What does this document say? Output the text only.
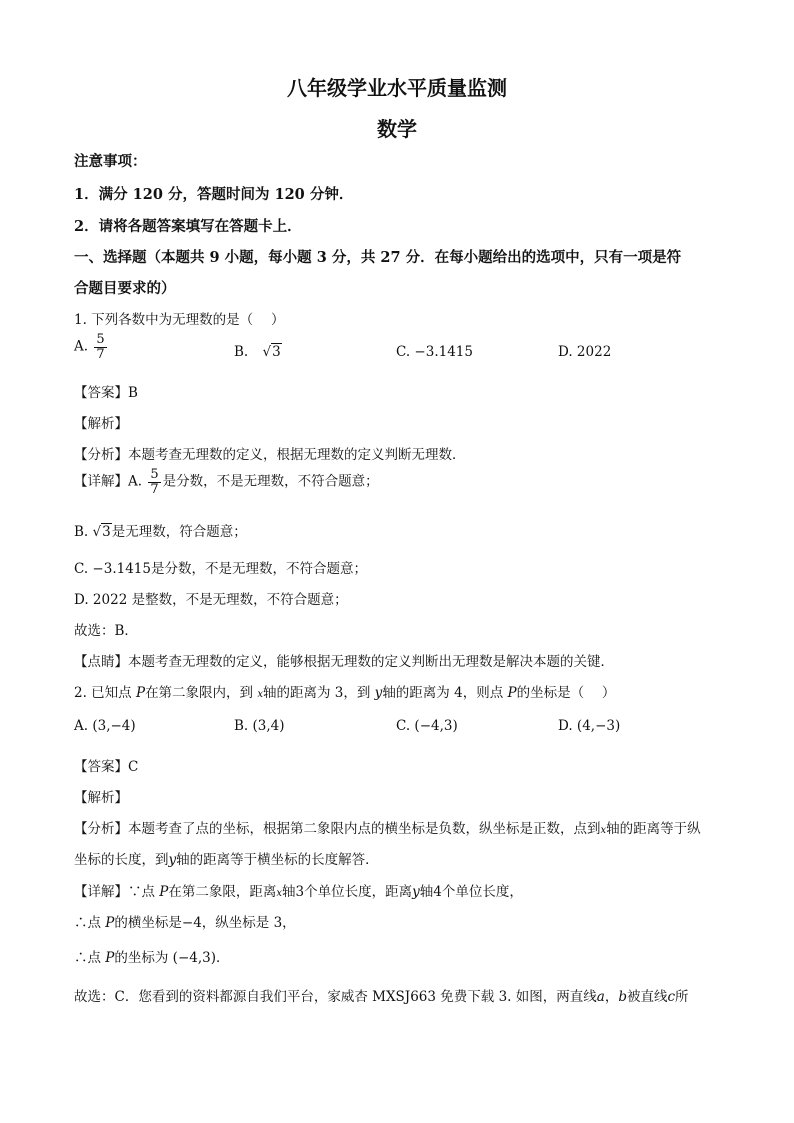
八年级学业水平质量监测
数学
注意事项：
1．满分 120 分，答题时间为 120 分钟．
2．请将各题答案填写在答题卡上．
一、选择题（本题共 9 小题，每小题 3 分，共 27 分．在每小题给出的选项中，只有一项是符
合题目要求的）
1. 下列各数中为无理数的是（　 ）
A. $\frac{5}{7}$	B. √3	C. −3.1415	D. 2022
【答案】B
【解析】
【分析】本题考查无理数的定义，根据无理数的定义判断无理数．
【详解】A. $\frac{5}{7}$ 是分数，不是无理数，不符合题意；
B. √3是无理数，符合题意；
C. −3.1415是分数，不是无理数，不符合题意；
D. 2022 是整数，不是无理数，不符合题意；
故选：B．
【点睛】本题考查无理数的定义，能够根据无理数的定义判断出无理数是解决本题的关键．
2. 已知点 P在第二象限内，到 x轴的距离为 3，到 y轴的距离为 4，则点 P的坐标是（　 ）
A. (3,−4)	B. (3,4)	C. (−4,3)	D. (4,−3)
【答案】C
【解析】
【分析】本题考查了点的坐标，根据第二象限内点的横坐标是负数，纵坐标是正数，点到x轴的距离等于纵
坐标的长度，到y轴的距离等于横坐标的长度解答．
【详解】∵点 P在第二象限，距离x轴3个单位长度，距离y轴4个单位长度，
∴点 P的横坐标是−4，纵坐标是 3，
∴点 P的坐标为 (−4,3)．
故选：C．您看到的资料都源自我们平台，家威杏 MXSJ663 免费下载 3. 如图，两直线a，b被直线c所
